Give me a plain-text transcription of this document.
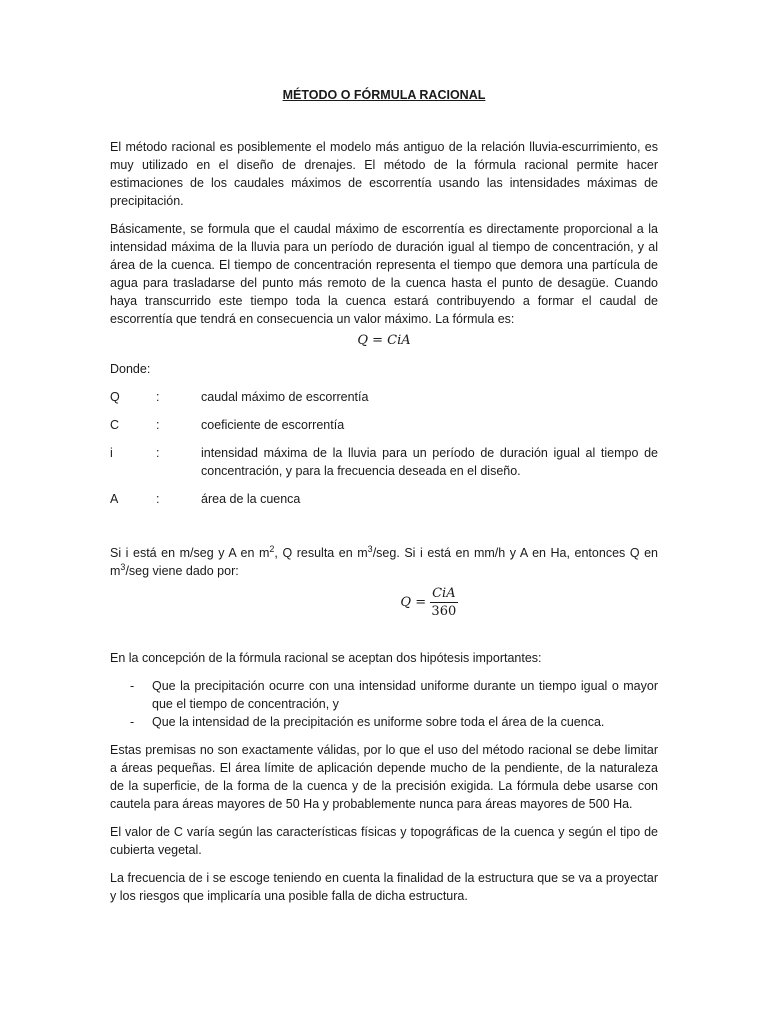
MÉTODO O FÓRMULA RACIONAL

El método racional es posiblemente el modelo más antiguo de la relación lluvia-escurrimiento, es muy utilizado en el diseño de drenajes. El método de la fórmula racional permite hacer estimaciones de los caudales máximos de escorrentía usando las intensidades máximas de precipitación.

Básicamente, se formula que el caudal máximo de escorrentía es directamente proporcional a la intensidad máxima de la lluvia para un período de duración igual al tiempo de concentración, y al área de la cuenca. El tiempo de concentración representa el tiempo que demora una partícula de agua para trasladarse del punto más remoto de la cuenca hasta el punto de desagüe. Cuando haya transcurrido este tiempo toda la cuenca estará contribuyendo a formar el caudal de escorrentía que tendrá en consecuencia un valor máximo. La fórmula es:

Q = CiA
Donde:
Q	:	caudal máximo de escorrentía
C	:	coeficiente de escorrentía
i	:	intensidad máxima de la lluvia para un período de duración igual al tiempo de concentración, y para la frecuencia deseada en el diseño.
A	:	área de la cuenca

Si i está en m/seg y A en $m^2$, Q resulta en $m^3$/seg. Si i está en mm/h y A en Ha, entonces Q en $m^3$/seg viene dado por:

$Q = \frac{\text{CiA}}{360}$

En la concepción de la fórmula racional se aceptan dos hipótesis importantes:

-	Que la precipitación ocurre con una intensidad uniforme durante un tiempo igual o mayor que el tiempo de concentración, y
-	Que la intensidad de la precipitación es uniforme sobre toda el área de la cuenca.

Estas premisas no son exactamente válidas, por lo que el uso del método racional se debe limitar a áreas pequeñas. El área límite de aplicación depende mucho de la pendiente, de la naturaleza de la superficie, de la forma de la cuenca y de la precisión exigida. La fórmula debe usarse con cautela para áreas mayores de 50 Ha y probablemente nunca para áreas mayores de 500 Ha.

El valor de C varía según las características físicas y topográficas de la cuenca y según el tipo de cubierta vegetal.

La frecuencia de i se escoge teniendo en cuenta la finalidad de la estructura que se va a proyectar y los riesgos que implicaría una posible falla de dicha estructura.
